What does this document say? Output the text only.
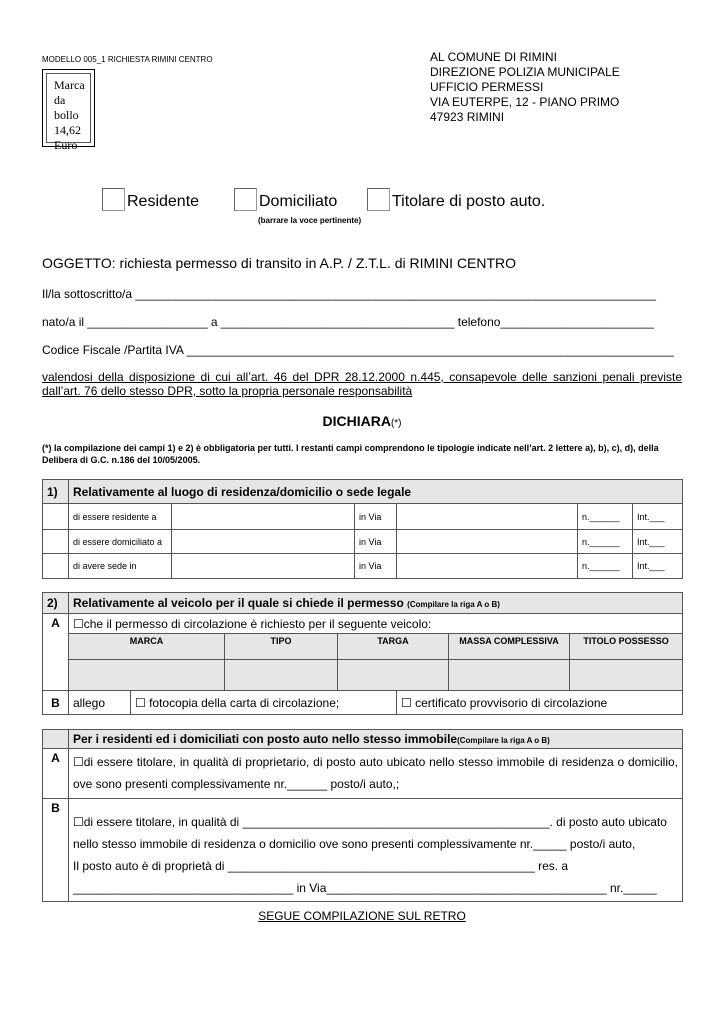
MODELLO 005_1 RICHIESTA RIMINI CENTRO
Marca da
bollo
14,62 Euro
AL COMUNE DI RIMINI
DIREZIONE POLIZIA MUNICIPALE
UFFICIO PERMESSI
VIA EUTERPE, 12 - PIANO PRIMO
47923 RIMINI
Residente	Domiciliato	Titolare di posto auto.
(barrare la voce pertinente)
OGGETTO: richiesta permesso di transito in A.P. / Z.T.L. di RIMINI CENTRO
Il/la sottoscritto/a ______________________________________________________________________________
nato/a il __________________ a ___________________________________ telefono_______________________
Codice Fiscale /Partita IVA _________________________________________________________________________
valendosi della disposizione di cui all’art. 46 del DPR 28.12.2000 n.445, consapevole delle sanzioni penali previste dall’art. 76 dello stesso DPR, sotto la propria personale responsabilità
DICHIARA(*)
(*) la compilazione dei campi 1) e 2) è obbligatoria per tutti. I restanti campi comprendono le tipologie indicate nell’art. 2 lettere a), b), c), d), della Delibera di G.C. n.186 del 10/05/2005.
1)	Relativamente al luogo di residenza/domicilio o sede legale					
	di essere residente a		in Via		n.______	Int.___
	di essere domiciliato a		in Via		n.______	Int.___
	di avere sede in		in Via		n.______	Int.___
2)	Relativamente al veicolo per il quale si chiede il permesso (Compilare la riga A o B)						
A	☐che il permesso di circolazione è richiesto per il seguente veicolo:						
	MARCA		TIPO	TARGA		MASSA COMPLESSIVA	TITOLO POSSESSO

B	allego	☐ fotocopia della carta di circolazione;			☐ certificato provvisorio di circolazione		
	Per i residenti ed i domiciliati con posto auto nello stesso immobile(Compilare la riga A o B)
A	☐di essere titolare, in qualità di proprietario, di posto auto ubicato nello stesso immobile di residenza o domicilio, ove sono presenti complessivamente nr.______ posto/i auto,;
B	☐di essere titolare, in qualità di ______________________________________________. di posto auto ubicato
nello stesso immobile di residenza o domicilio ove sono presenti complessivamente nr._____ posto/i auto,
Il posto auto è di proprietà di ______________________________________________ res. a
_________________________________ in Via__________________________________________ nr._____
SEGUE COMPILAZIONE SUL RETRO
